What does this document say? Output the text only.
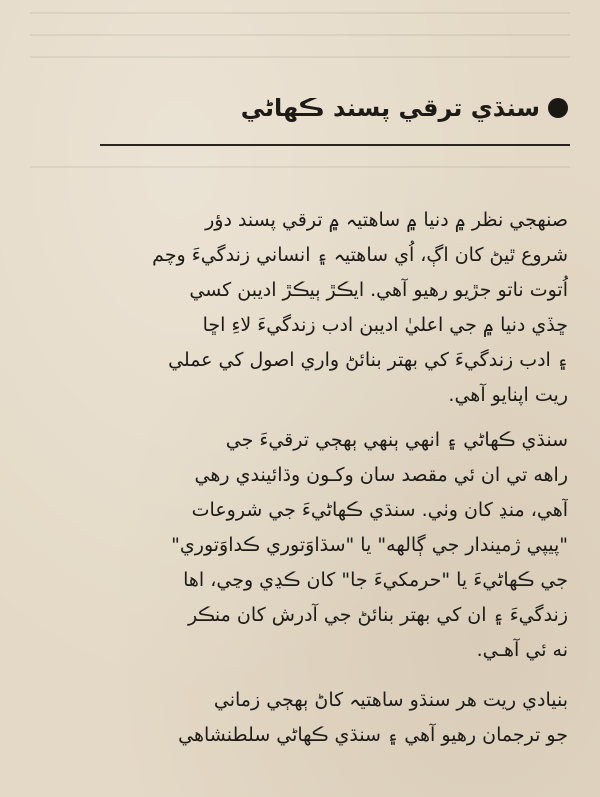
سنڌي ترقي پسند ڪهاڻي
صنهجي نظر ۾ دنيا ۾ ساهتيہ ۾ ترقي پسند دؤر
شروع ٿيڻ کان اڳ، اُي ساهتيہ ۽ انساني زندگيءَ وچم
اُتوت ناتو جڙيو رهيو آهي. ايڪڙ ٻيڪڙ اديبن کسي
ڇڏي دنيا ۾ جي اعليٰ اديبن ادب زندگيءَ لاءِ اڇا
۽ ادب زندگيءَ کي بهتر بنائڻ واري اصول کي عملي
ريت اپنايو آهي.
سنڌي ڪهاڻي ۽ انهي ٻنهي ٻهڄي ترقيءَ جي
راهه تي ان ئي مقصد سان وکـون وڌائيندي رهي
آهي، منڍ کان وٺي. سنڌي ڪهاڻيءَ جي شروعات
"پيپي ژميندار جي ڳالهه" يا "سڌاوَتوري ڪداوَتوري"
جي ڪهاڻيءَ يا "حرمکيءَ جا" کان ڪڍي وڃي، اها
زندگيءَ ۽ ان کي بهتر بنائڻ جي آدرش کان منڪر
نه ئي آهـي.
بنيادي ريت هر سنڌو ساهتيہ کاڻ ٻهڄي زماني
جو ترجمان رهيو آهي ۽ سنڌي ڪهاڻي سلطنشاهي
